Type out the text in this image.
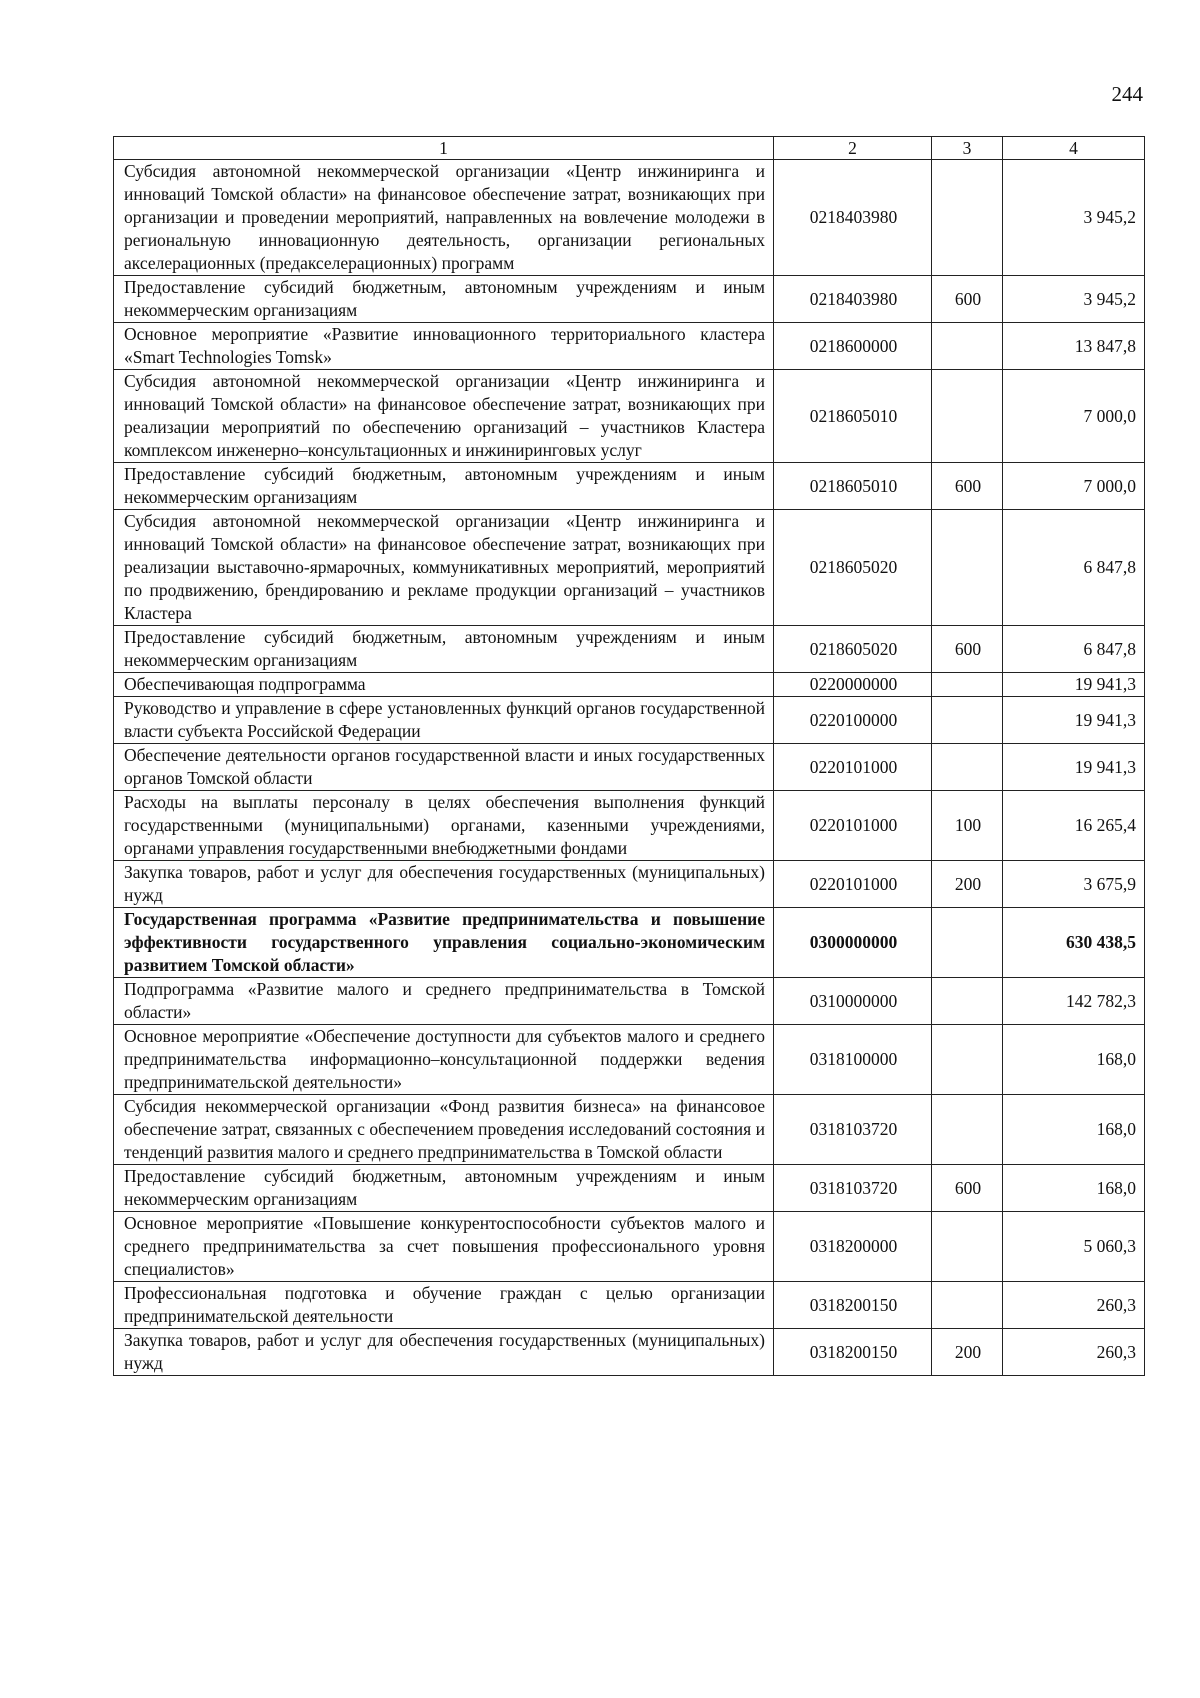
244
1	2	3	4
Субсидия автономной некоммерческой организации «Центр инжиниринга и инноваций Томской области» на финансовое обеспечение затрат, возникающих при организации и проведении мероприятий, направленных на вовлечение молодежи в региональную инновационную деятельность, организации региональных акселерационных (предакселерационных) программ	0218403980		3 945,2
Предоставление субсидий бюджетным, автономным учреждениям и иным некоммерческим организациям	0218403980	600	3 945,2
Основное мероприятие «Развитие инновационного территориального кластера «Smart Technologies Tomsk»	0218600000		13 847,8
Субсидия автономной некоммерческой организации «Центр инжиниринга и инноваций Томской области» на финансовое обеспечение затрат, возникающих при реализации мероприятий по обеспечению организаций – участников Кластера комплексом инженерно–консультационных и инжиниринговых услуг	0218605010		7 000,0
Предоставление субсидий бюджетным, автономным учреждениям и иным некоммерческим организациям	0218605010	600	7 000,0
Субсидия автономной некоммерческой организации «Центр инжиниринга и инноваций Томской области» на финансовое обеспечение затрат, возникающих при реализации выставочно-ярмарочных, коммуникативных мероприятий, мероприятий по продвижению, брендированию и рекламе продукции организаций – участников Кластера	0218605020		6 847,8
Предоставление субсидий бюджетным, автономным учреждениям и иным некоммерческим организациям	0218605020	600	6 847,8
Обеспечивающая подпрограмма	0220000000		19 941,3
Руководство и управление в сфере установленных функций органов государственной власти субъекта Российской Федерации	0220100000		19 941,3
Обеспечение деятельности органов государственной власти и иных государственных органов Томской области	0220101000		19 941,3
Расходы на выплаты персоналу в целях обеспечения выполнения функций государственными (муниципальными) органами, казенными учреждениями, органами управления государственными внебюджетными фондами	0220101000	100	16 265,4
Закупка товаров, работ и услуг для обеспечения государственных (муниципальных) нужд	0220101000	200	3 675,9
Государственная программа «Развитие предпринимательства и повышение эффективности государственного управления социально-экономическим развитием Томской области»	0300000000		630 438,5
Подпрограмма «Развитие малого и среднего предпринимательства в Томской области»	0310000000		142 782,3
Основное мероприятие «Обеспечение доступности для субъектов малого и среднего предпринимательства информационно–консультационной поддержки ведения предпринимательской деятельности»	0318100000		168,0
Субсидия некоммерческой организации «Фонд развития бизнеса» на финансовое обеспечение затрат, связанных с обеспечением проведения исследований состояния и тенденций развития малого и среднего предпринимательства в Томской области	0318103720		168,0
Предоставление субсидий бюджетным, автономным учреждениям и иным некоммерческим организациям	0318103720	600	168,0
Основное мероприятие «Повышение конкурентоспособности субъектов малого и среднего предпринимательства за счет повышения профессионального уровня специалистов»	0318200000		5 060,3
Профессиональная подготовка и обучение граждан с целью организации предпринимательской деятельности	0318200150		260,3
Закупка товаров, работ и услуг для обеспечения государственных (муниципальных) нужд	0318200150	200	260,3
